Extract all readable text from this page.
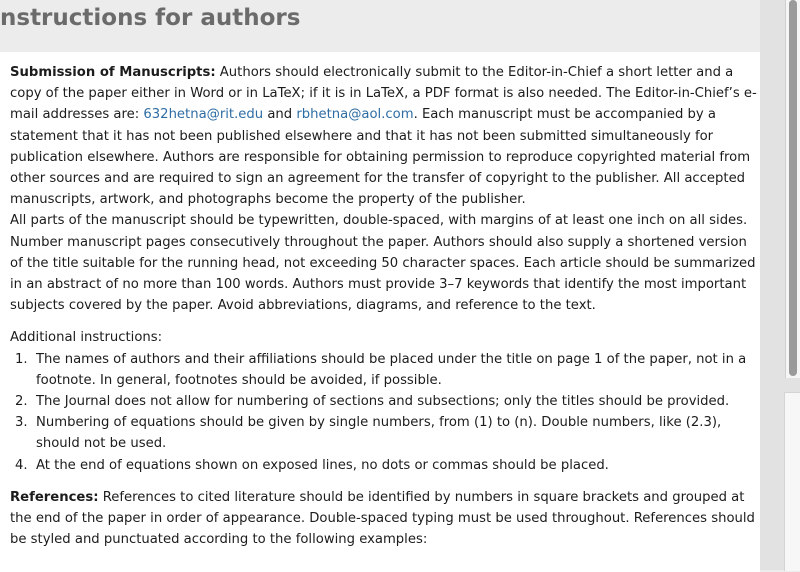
nstructions for authors

Submission of Manuscripts: Authors should electronically submit to the Editor-in-Chief a short letter and a copy of the paper either in Word or in LaTeX; if it is in LaTeX, a PDF format is also needed. The Editor-in-Chief’s e-mail addresses are: 632hetna@rit.edu and rbhetna@aol.com. Each manuscript must be accompanied by a statement that it has not been published elsewhere and that it has not been submitted simultaneously for publication elsewhere. Authors are responsible for obtaining permission to reproduce copyrighted material from other sources and are required to sign an agreement for the transfer of copyright to the publisher. All accepted manuscripts, artwork, and photographs become the property of the publisher.

All parts of the manuscript should be typewritten, double-spaced, with margins of at least one inch on all sides. Number manuscript pages consecutively throughout the paper. Authors should also supply a shortened version of the title suitable for the running head, not exceeding 50 character spaces. Each article should be summarized in an abstract of no more than 100 words. Authors must provide 3–7 keywords that identify the most important subjects covered by the paper. Avoid abbreviations, diagrams, and reference to the text.

Additional instructions:

1. The names of authors and their affiliations should be placed under the title on page 1 of the paper, not in a footnote. In general, footnotes should be avoided, if possible.
2. The Journal does not allow for numbering of sections and subsections; only the titles should be provided.
3. Numbering of equations should be given by single numbers, from (1) to (n). Double numbers, like (2.3), should not be used.
4. At the end of equations shown on exposed lines, no dots or commas should be placed.

References: References to cited literature should be identified by numbers in square brackets and grouped at the end of the paper in order of appearance. Double-spaced typing must be used throughout. References should be styled and punctuated according to the following examples:
